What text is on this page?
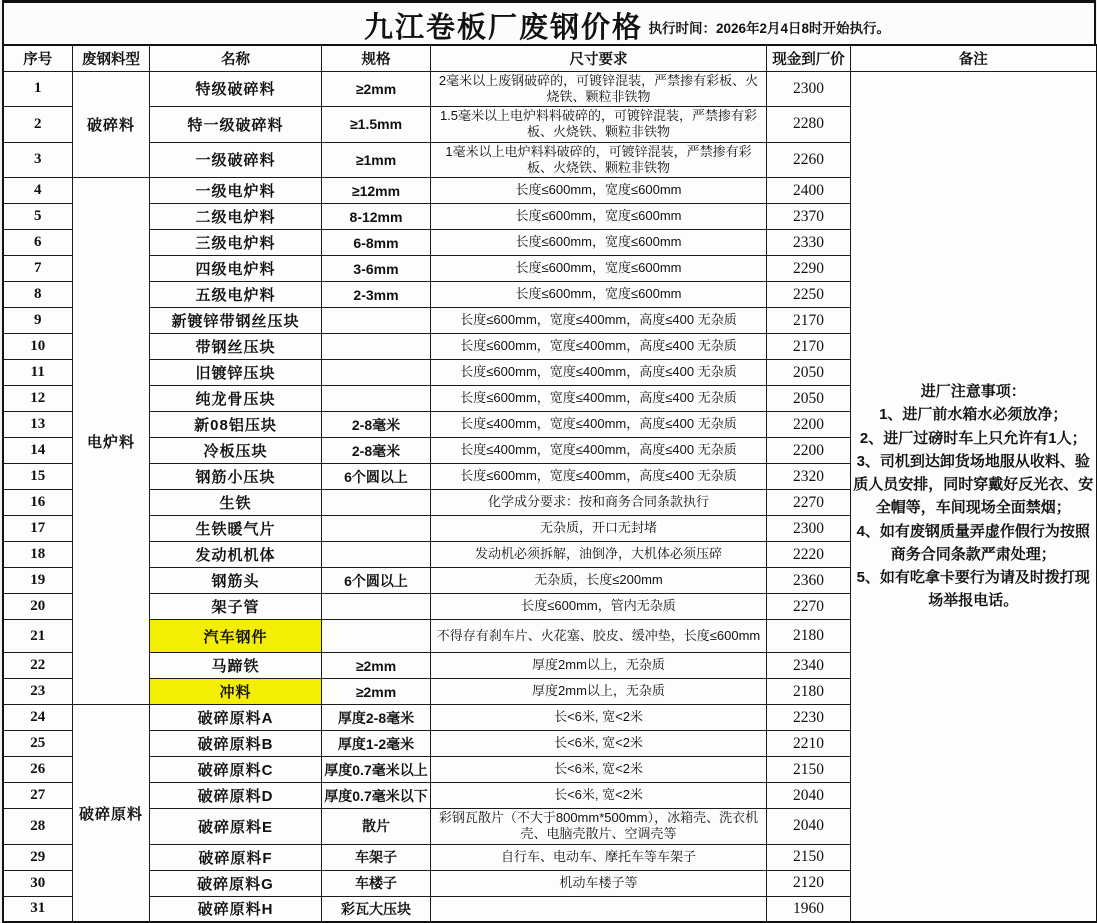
九江卷板厂废钢价格 执行时间：2026年2月4日8时开始执行。
序号	废钢料型	名称	规格	尺寸要求	现金到厂价	备注
1	破碎料	特级破碎料	≥2mm	2毫米以上废钢破碎的，可镀锌混装，严禁掺有彩板、火烧铁、颗粒非铁物	2300	
进厂注意事项：
1、进厂前水箱水必须放净；
2、进厂过磅时车上只允许有1人；
3、司机到达卸货场地服从收料、验质人员安排，同时穿戴好反光衣、安全帽等，车间现场全面禁烟；
4、如有废钢质量弄虚作假行为按照商务合同条款严肃处理；
5、如有吃拿卡要行为请及时拨打现场举报电话。

2		特一级破碎料	≥1.5mm	1.5毫米以上电炉料料破碎的，可镀锌混装，严禁掺有彩板、火烧铁、颗粒非铁物	2280	
3		一级破碎料	≥1mm	1毫米以上电炉料料破碎的，可镀锌混装，严禁掺有彩板、火烧铁、颗粒非铁物	2260	
4	电炉料	一级电炉料	≥12mm	长度≤600mm，宽度≤600mm	2400	
5		二级电炉料	8-12mm	长度≤600mm，宽度≤600mm	2370	
6		三级电炉料	6-8mm	长度≤600mm，宽度≤600mm	2330	
7		四级电炉料	3-6mm	长度≤600mm，宽度≤600mm	2290	
8		五级电炉料	2-3mm	长度≤600mm，宽度≤600mm	2250	
9		新镀锌带钢丝压块		长度≤600mm，宽度≤400mm，高度≤400 无杂质	2170	
10		带钢丝压块		长度≤600mm，宽度≤400mm，高度≤400 无杂质	2170	
11		旧镀锌压块		长度≤600mm，宽度≤400mm，高度≤400 无杂质	2050	
12		纯龙骨压块		长度≤600mm，宽度≤400mm，高度≤400 无杂质	2050	
13		新08铝压块	2-8毫米	长度≤400mm，宽度≤400mm，高度≤400 无杂质	2200	
14		冷板压块	2-8毫米	长度≤400mm，宽度≤400mm，高度≤400 无杂质	2200	
15		钢筋小压块	6个圆以上	长度≤600mm，宽度≤400mm，高度≤400 无杂质	2320	
16		生铁		化学成分要求：按和商务合同条款执行	2270	
17		生铁暖气片		无杂质，开口无封堵	2300	
18		发动机机体		发动机必须拆解，油倒净，大机体必须压碎	2220	
19		钢筋头	6个圆以上	无杂质，长度≤200mm	2360	
20		架子管		长度≤600mm，管内无杂质	2270	
21		汽车钢件		不得存有刹车片、火花塞、胶皮、缓冲垫，长度≤600mm	2180	
22		马蹄铁	≥2mm	厚度2mm以上，无杂质	2340	
23		冲料	≥2mm	厚度2mm以上，无杂质	2180	
24	破碎原料	破碎原料A	厚度2-8毫米	长<6米, 宽<2米	2230	
25		破碎原料B	厚度1-2毫米	长<6米, 宽<2米	2210	
26		破碎原料C	厚度0.7毫米以上	长<6米, 宽<2米	2150	
27		破碎原料D	厚度0.7毫米以下	长<6米, 宽<2米	2040	
28		破碎原料E	散片	彩钢瓦散片（不大于800mm*500mm），冰箱壳、洗衣机壳、电脑壳散片、空调壳等	2040	
29		破碎原料F	车架子	自行车、电动车、摩托车等车架子	2150	
30		破碎原料G	车楼子	机动车楼子等	2120	
31		破碎原料H	彩瓦大压块		1960	
